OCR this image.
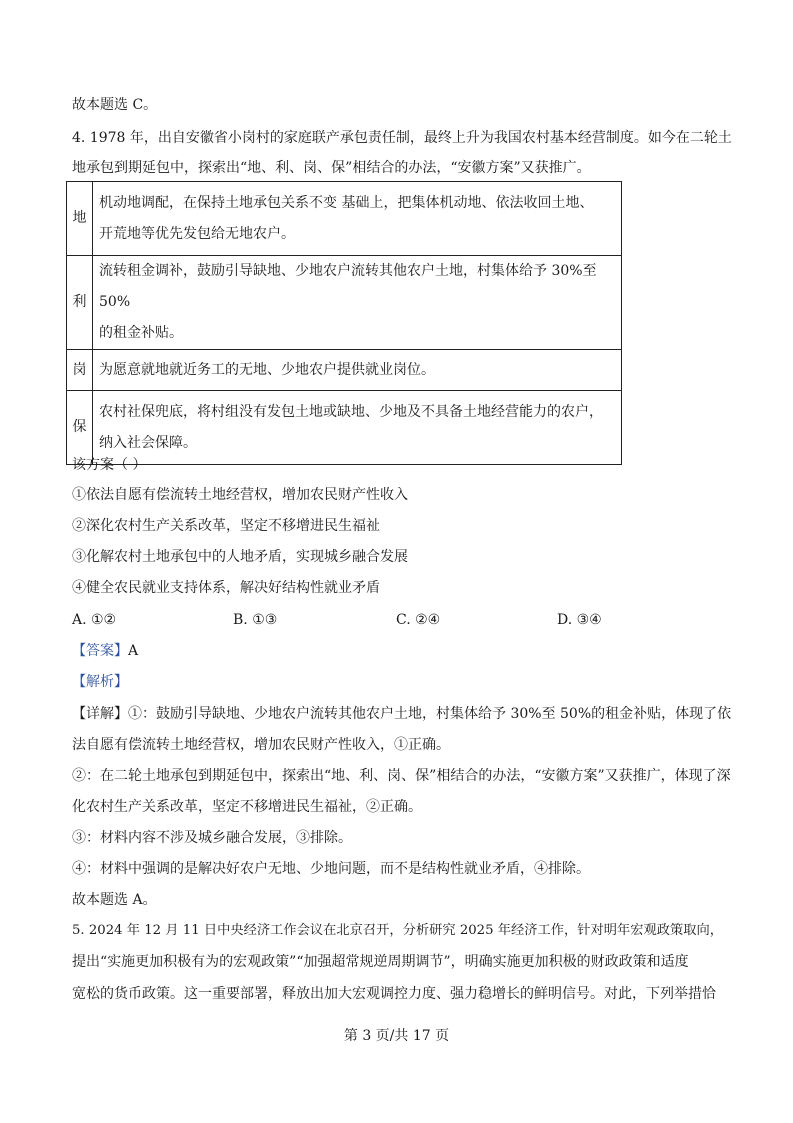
故本题选 C。
4. 1978 年，出自安徽省小岗村的家庭联产承包责任制，最终上升为我国农村基本经营制度。如今在二轮土
地承包到期延包中，探索出“地、利、岗、保”相结合的办法，“安徽方案”又获推广。
地	机动地调配，在保持土地承包关系不变 基础上，把集体机动地、依法收回土地、
开荒地等优先发包给无地农户。

利	流转租金调补，鼓励引导缺地、少地农户流转其他农户土地，村集体给予 30%至 50%
的租金补贴。

岗	为愿意就地就近务工的无地、少地农户提供就业岗位。

保	农村社保兜底，将村组没有发包土地或缺地、少地及不具备土地经营能力的农户，
纳入社会保障。
该方案（ ）
①依法自愿有偿流转土地经营权，增加农民财产性收入
②深化农村生产关系改革，坚定不移增进民生福祉
③化解农村土地承包中的人地矛盾，实现城乡融合发展
④健全农民就业支持体系，解决好结构性就业矛盾
A. ①②	B. ①③	C. ②④	D. ③④
【答案】A
【解析】
【详解】①：鼓励引导缺地、少地农户流转其他农户土地，村集体给予 30%至 50%的租金补贴，体现了依
法自愿有偿流转土地经营权，增加农民财产性收入，①正确。
②：在二轮土地承包到期延包中，探索出“地、利、岗、保”相结合的办法，“安徽方案”又获推广，体现了深
化农村生产关系改革，坚定不移增进民生福祉，②正确。
③：材料内容不涉及城乡融合发展，③排除。
④：材料中强调的是解决好农户无地、少地问题，而不是结构性就业矛盾，④排除。
故本题选 A。
5. 2024 年 12 月 11 日中央经济工作会议在北京召开，分析研究 2025 年经济工作，针对明年宏观政策取向，
提出“实施更加积极有为的宏观政策”“加强超常规逆周期调节”，明确实施更加积极的财政政策和适度
宽松的货币政策。这一重要部署，释放出加大宏观调控力度、强力稳增长的鲜明信号。对此，下列举措恰
第 3 页/共 17 页
